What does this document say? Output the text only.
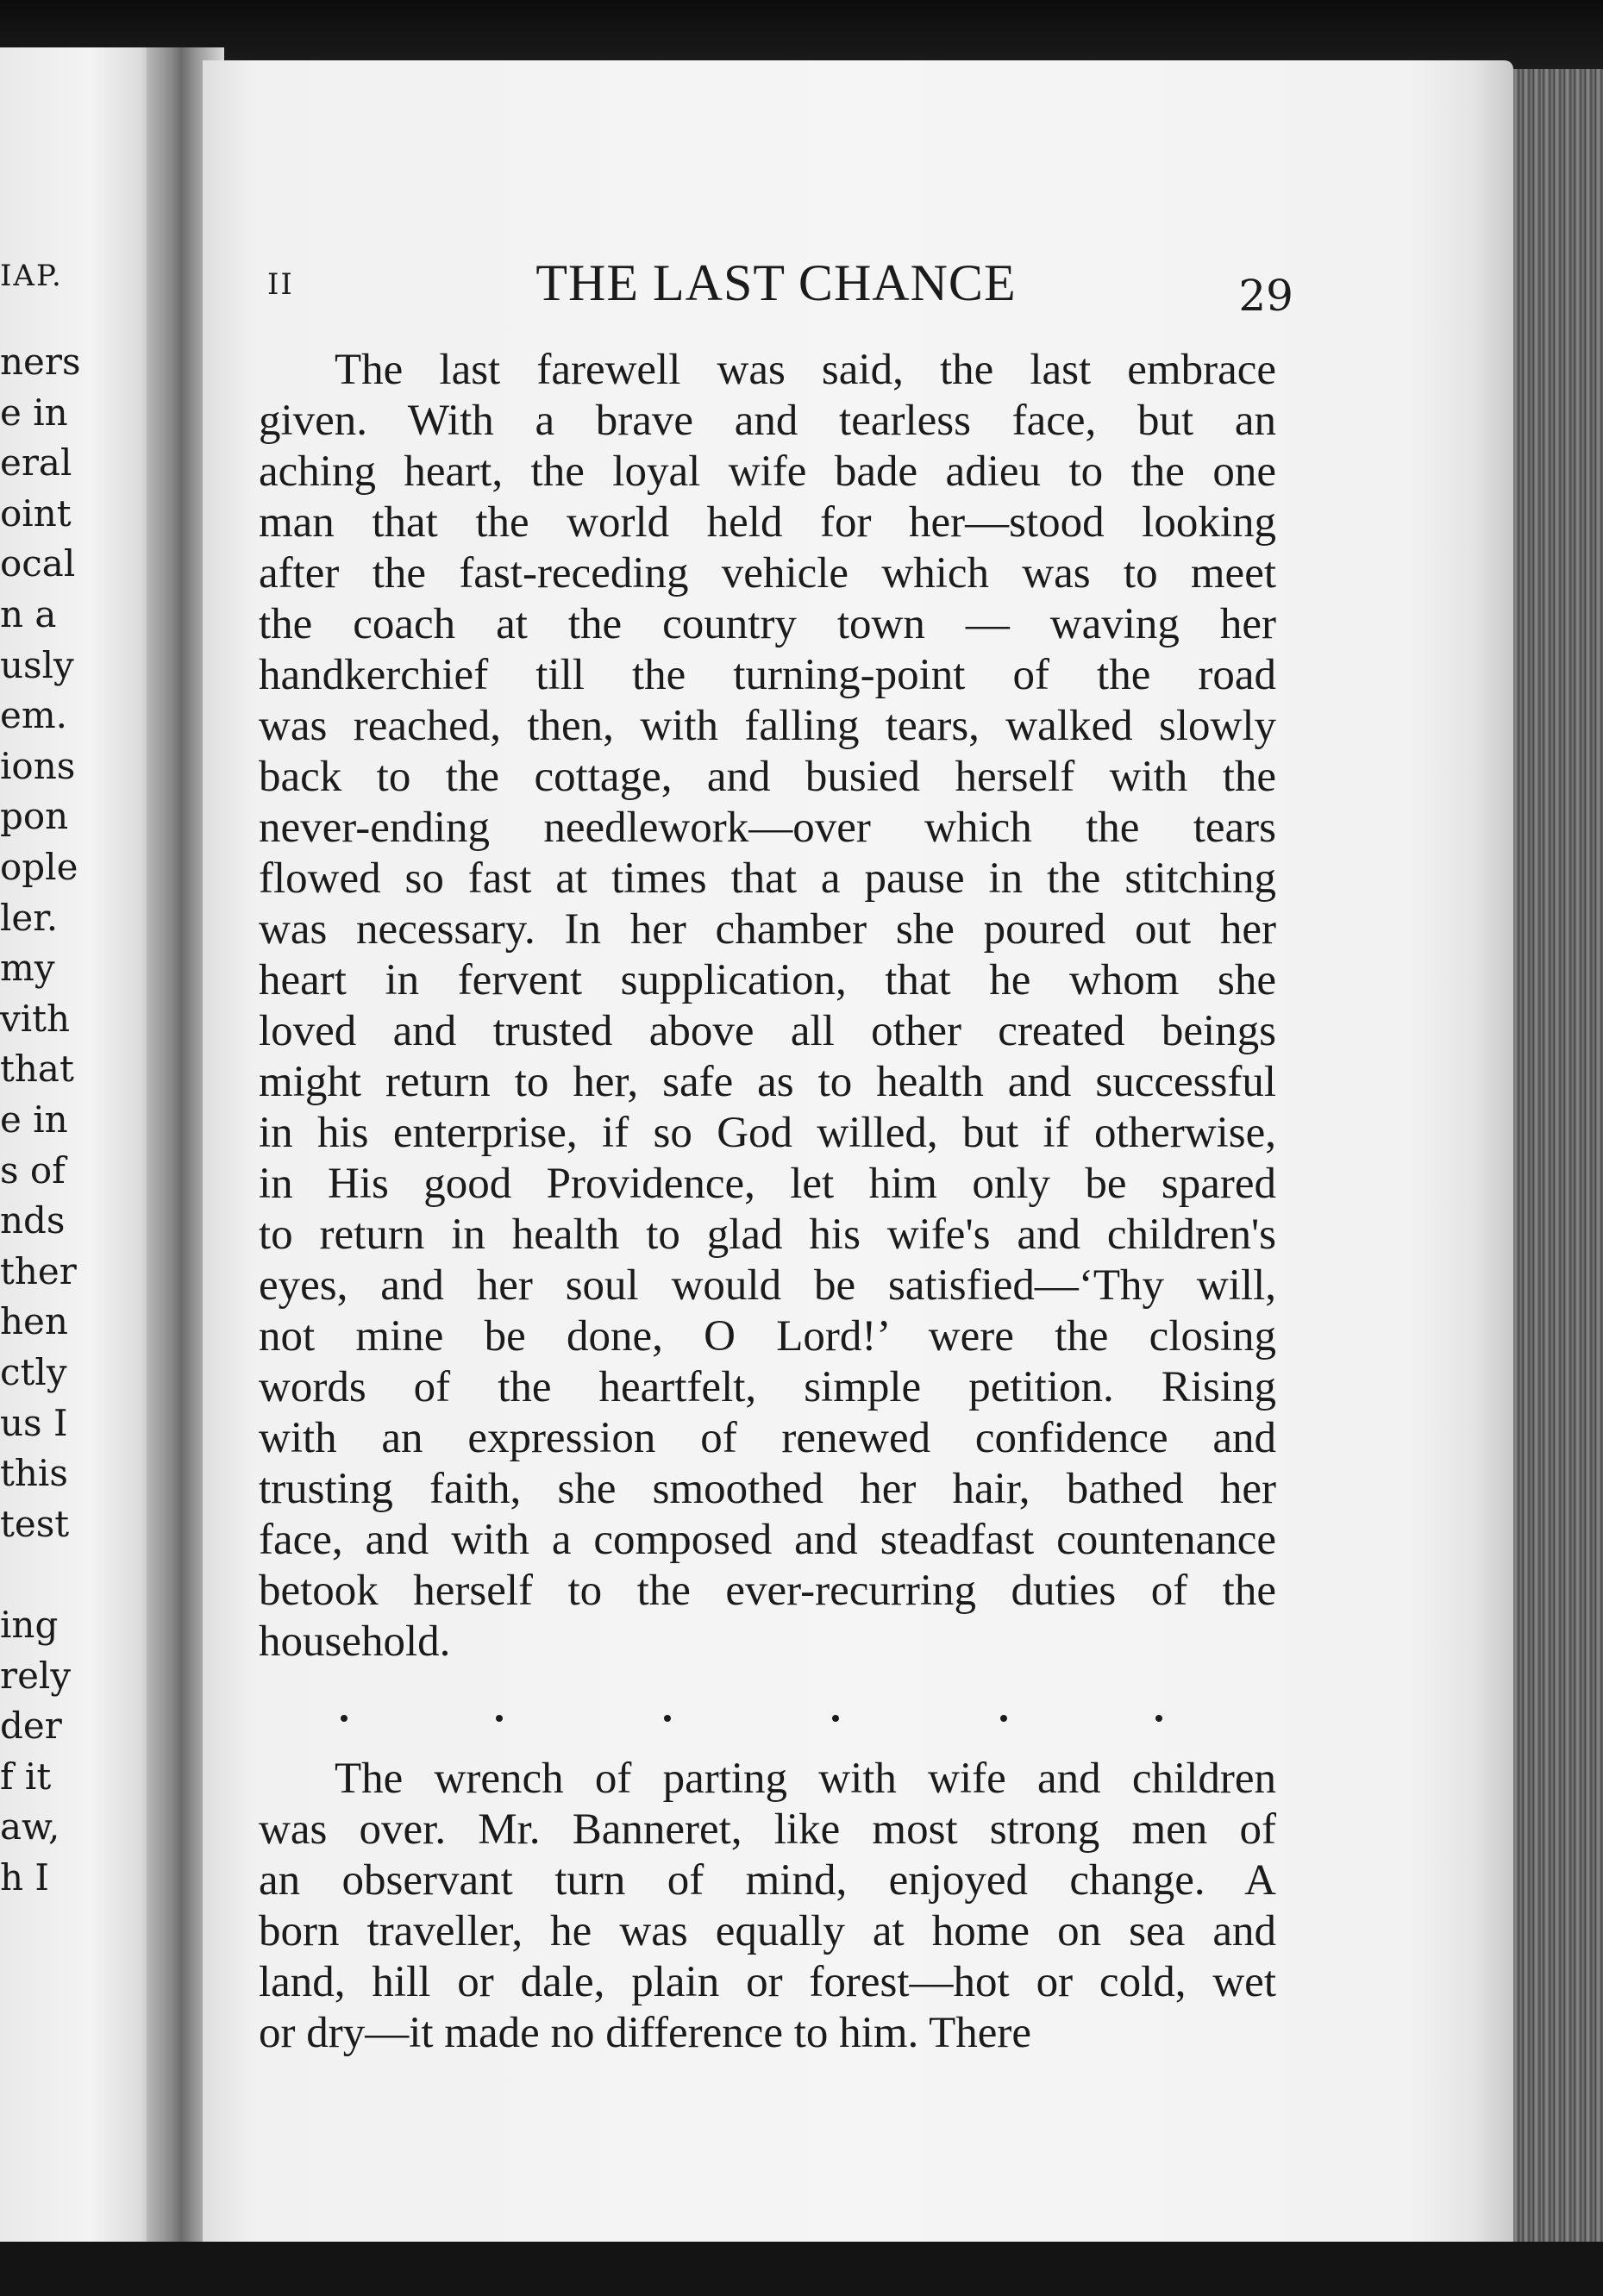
IAP.
ners
e in
eral
oint
ocal
n a
usly
em.
ions
pon
ople
ler.
my
vith
that
e in
s of
nds
ther
hen
ctly
us I
this
test
ing
rely
der
f it
aw,
h I
II	THE LAST CHANCE	29
The last farewell was said, the last embrace
given. With a brave and tearless face, but an
aching heart, the loyal wife bade adieu to the one
man that the world held for her—stood looking
after the fast-receding vehicle which was to meet
the coach at the country town — waving her
handkerchief till the turning-point of the road
was reached, then, with falling tears, walked slowly
back to the cottage, and busied herself with the
never-ending needlework—over which the tears
flowed so fast at times that a pause in the stitching
was necessary. In her chamber she poured out her
heart in fervent supplication, that he whom she
loved and trusted above all other created beings
might return to her, safe as to health and successful
in his enterprise, if so God willed, but if otherwise,
in His good Providence, let him only be spared
to return in health to glad his wife's and children's
eyes, and her soul would be satisfied—‘Thy will,
not mine be done, O Lord!’ were the closing
words of the heartfelt, simple petition. Rising
with an expression of renewed confidence and
trusting faith, she smoothed her hair, bathed her
face, and with a composed and steadfast countenance
betook herself to the ever-recurring duties of the
household.
The wrench of parting with wife and children
was over. Mr. Banneret, like most strong men of
an observant turn of mind, enjoyed change. A
born traveller, he was equally at home on sea and
land, hill or dale, plain or forest—hot or cold, wet
or dry—it made no difference to him. There
